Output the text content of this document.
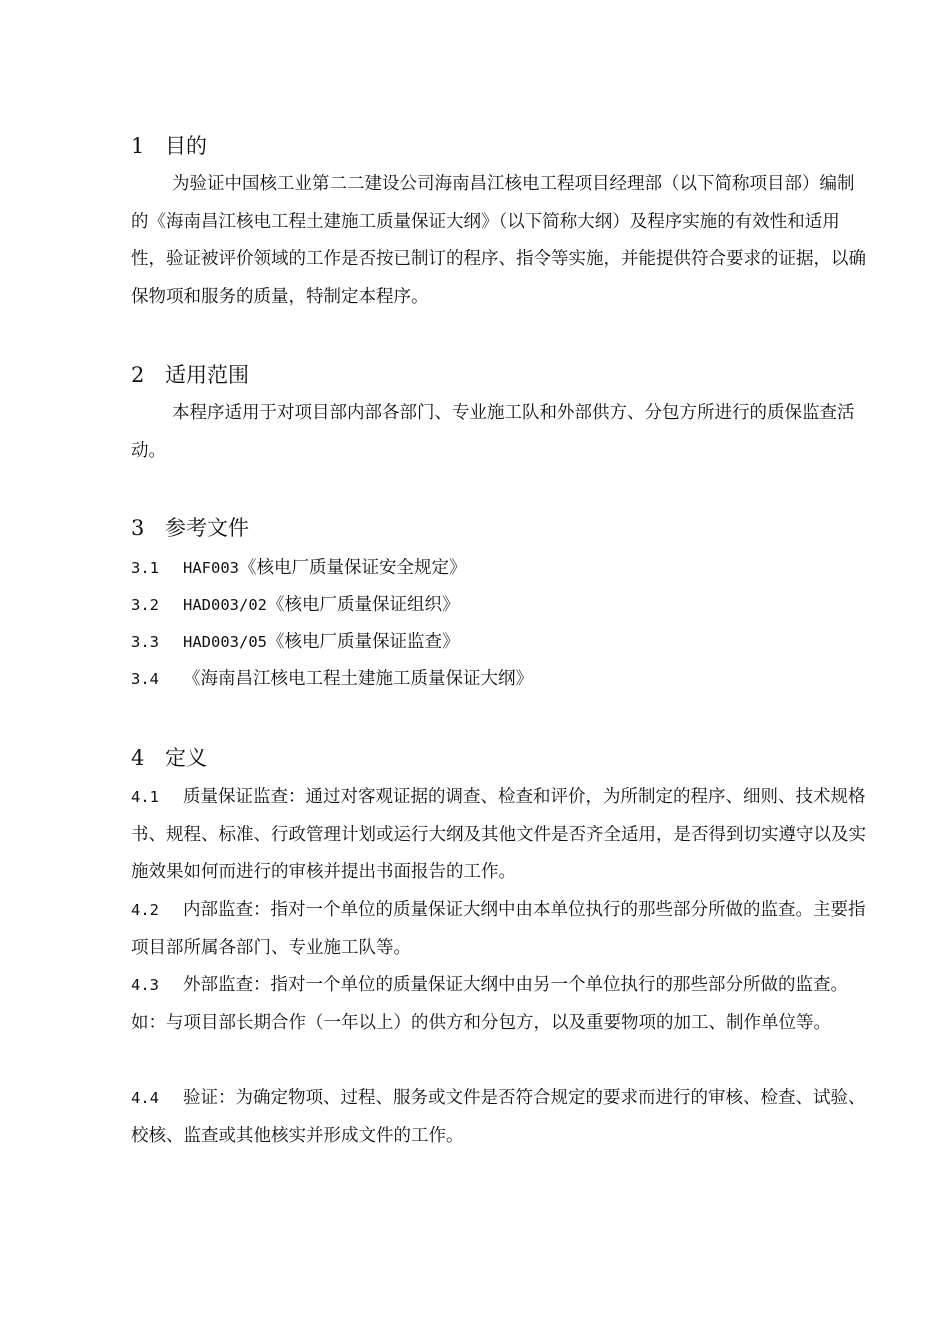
1 目的

为验证中国核工业第二二建设公司海南昌江核电工程项目经理部（以下简称项目部）编制的《海南昌江核电工程土建施工质量保证大纲》（以下简称大纲）及程序实施的有效性和适用性，验证被评价领域的工作是否按已制订的程序、指令等实施，并能提供符合要求的证据，以确保物项和服务的质量，特制定本程序。

2 适用范围

本程序适用于对项目部内部各部门、专业施工队和外部供方、分包方所进行的质保监查活动。

3 参考文件
3.1 HAF003《核电厂质量保证安全规定》
3.2 HAD003/02《核电厂质量保证组织》
3.3 HAD003/05《核电厂质量保证监查》
3.4 《海南昌江核电工程土建施工质量保证大纲》
4 定义

4.1 质量保证监查：通过对客观证据的调查、检查和评价，为所制定的程序、细则、技术规格书、规程、标准、行政管理计划或运行大纲及其他文件是否齐全适用，是否得到切实遵守以及实施效果如何而进行的审核并提出书面报告的工作。

4.2 内部监查：指对一个单位的质量保证大纲中由本单位执行的那些部分所做的监查。主要指项目部所属各部门、专业施工队等。

4.3 外部监查：指对一个单位的质量保证大纲中由另一个单位执行的那些部分所做的监查。如：与项目部长期合作（一年以上）的供方和分包方，以及重要物项的加工、制作单位等。

4.4 验证：为确定物项、过程、服务或文件是否符合规定的要求而进行的审核、检查、试验、校核、监查或其他核实并形成文件的工作。
